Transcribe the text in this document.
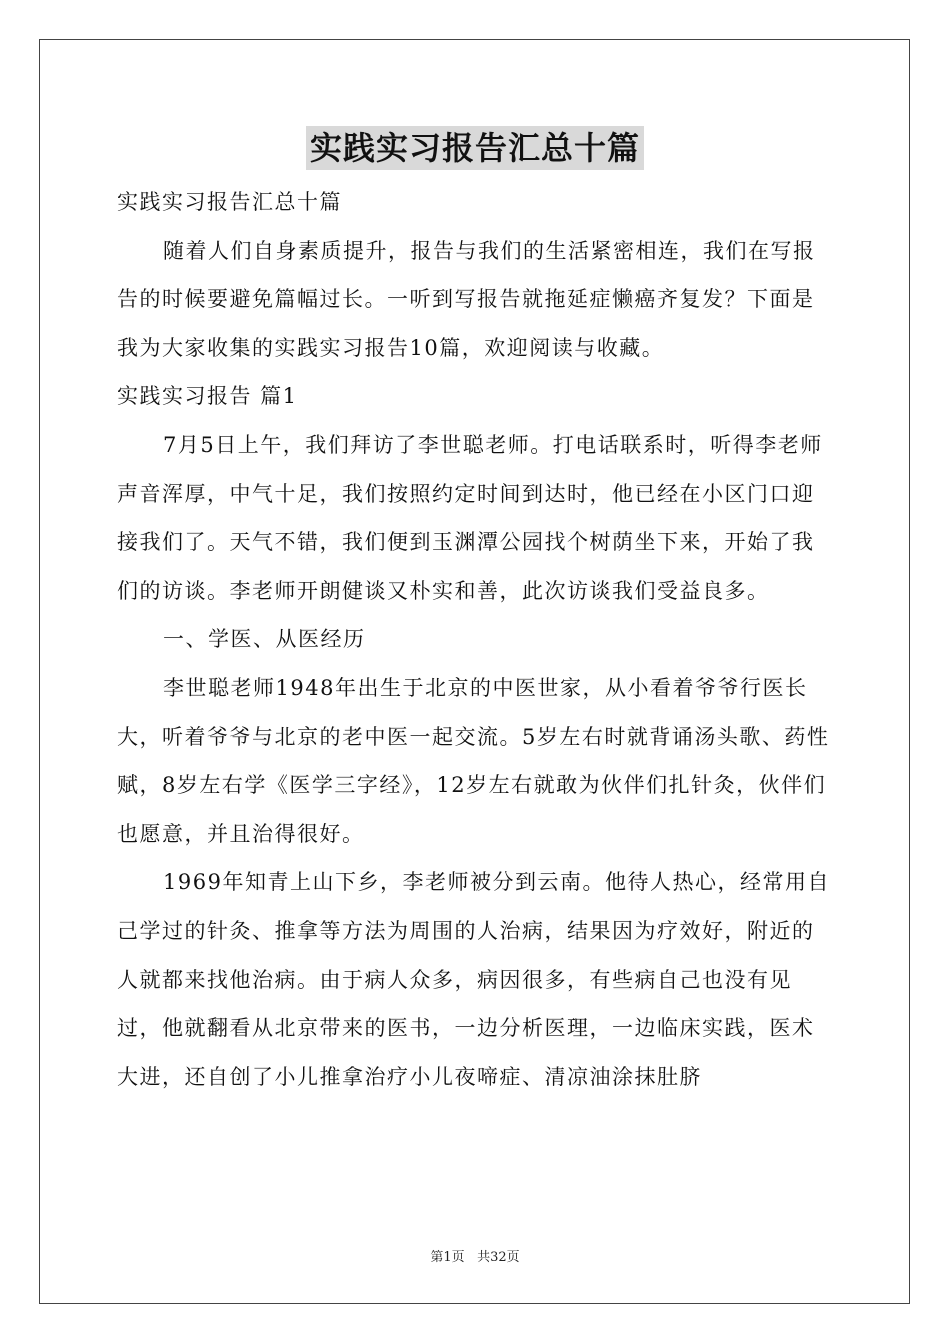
实践实习报告汇总十篇

实践实习报告汇总十篇

随着人们自身素质提升，报告与我们的生活紧密相连，我们在写报告的时候要避免篇幅过长。一听到写报告就拖延症懒癌齐复发？下面是我为大家收集的实践实习报告10篇，欢迎阅读与收藏。

实践实习报告 篇1

7月5日上午，我们拜访了李世聪老师。打电话联系时，听得李老师声音浑厚，中气十足，我们按照约定时间到达时，他已经在小区门口迎接我们了。天气不错，我们便到玉渊潭公园找个树荫坐下来，开始了我们的访谈。李老师开朗健谈又朴实和善，此次访谈我们受益良多。

一、学医、从医经历

李世聪老师1948年出生于北京的中医世家，从小看着爷爷行医长大，听着爷爷与北京的老中医一起交流。5岁左右时就背诵汤头歌、药性赋，8岁左右学《医学三字经》，12岁左右就敢为伙伴们扎针灸，伙伴们也愿意，并且治得很好。

1969年知青上山下乡，李老师被分到云南。他待人热心，经常用自己学过的针灸、推拿等方法为周围的人治病，结果因为疗效好，附近的人就都来找他治病。由于病人众多，病因很多，有些病自己也没有见过，他就翻看从北京带来的医书，一边分析医理，一边临床实践，医术大进，还自创了小儿推拿治疗小儿夜啼症、清凉油涂抹肚脐

第1页 共32页
